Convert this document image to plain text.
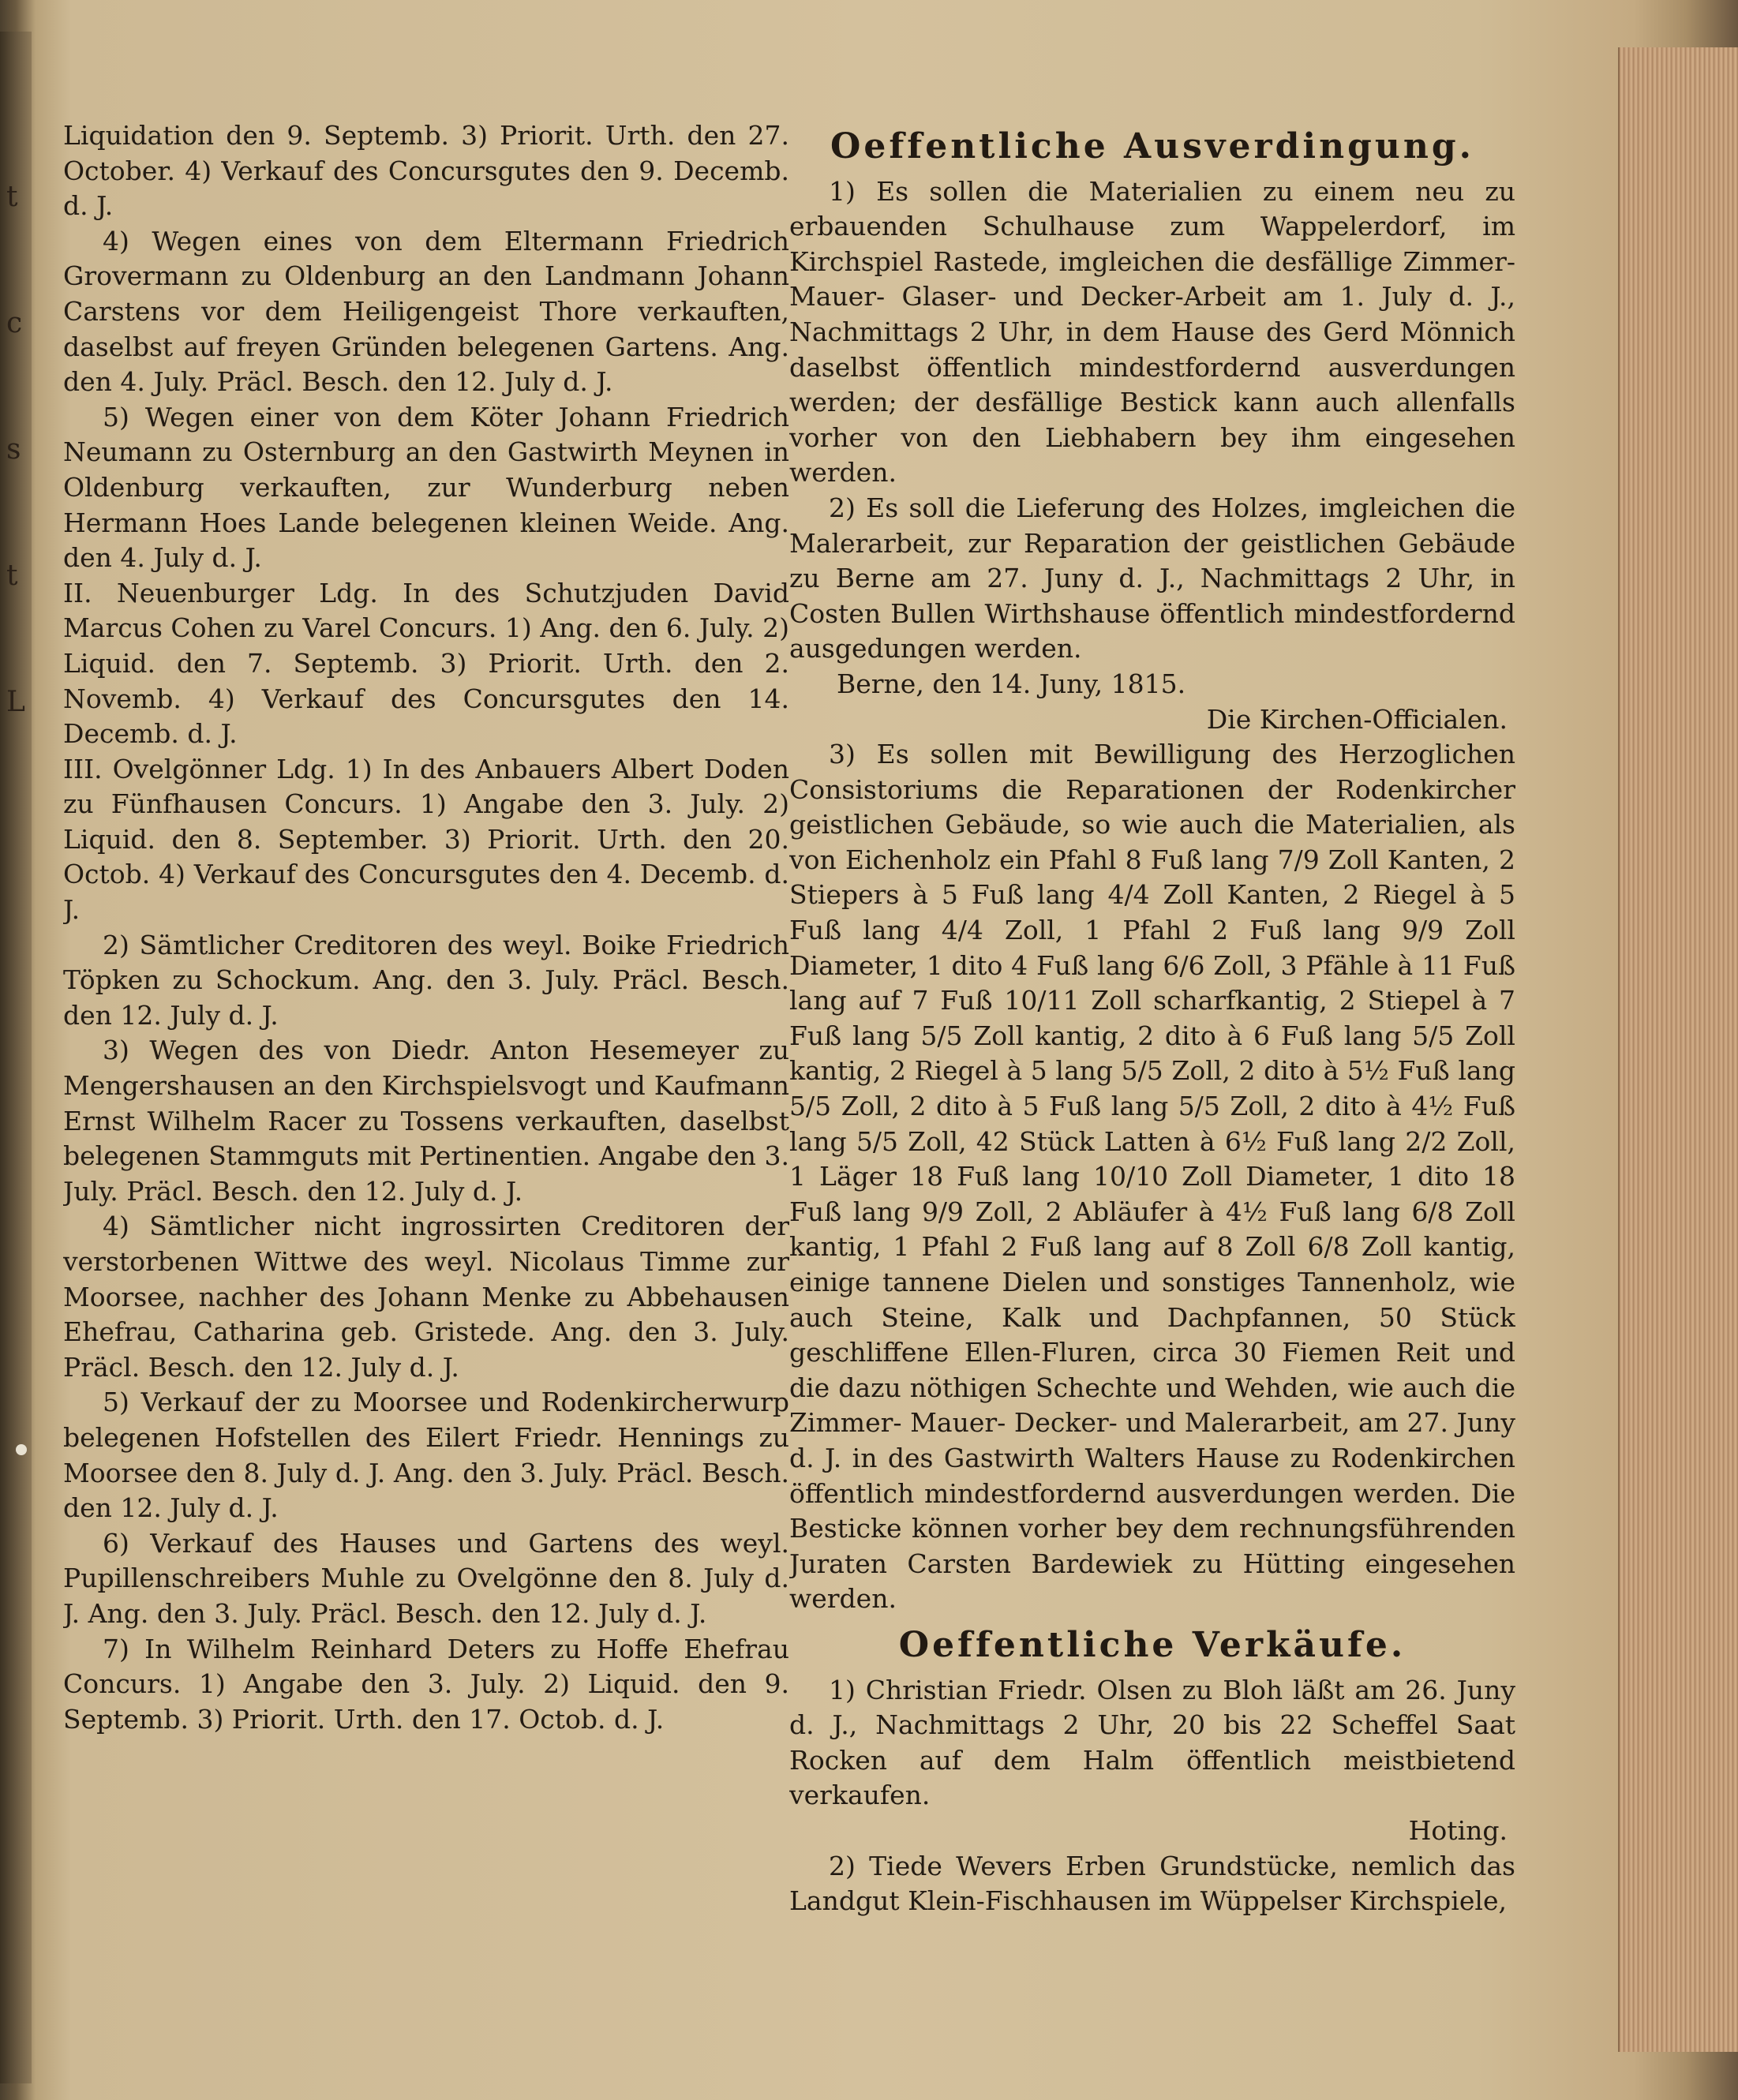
t
c
s
t
L

Liquidation den 9. Septemb. 3) Priorit. Urth. den 27. October. 4) Verkauf des Concursgutes den 9. Decemb. d. J.

4) Wegen eines von dem Eltermann Friedrich Grovermann zu Oldenburg an den Landmann Johann Carstens vor dem Heiligengeist Thore verkauften, daselbst auf freyen Gründen belegenen Gartens. Ang. den 4. July. Präcl. Besch. den 12. July d. J.

5) Wegen einer von dem Köter Johann Friedrich Neumann zu Osternburg an den Gastwirth Meynen in Oldenburg verkauften, zur Wunderburg neben Hermann Hoes Lande belegenen kleinen Weide. Ang. den 4. July d. J.

II. Neuenburger Ldg. In des Schutzjuden David Marcus Cohen zu Varel Concurs. 1) Ang. den 6. July. 2) Liquid. den 7. Septemb. 3) Priorit. Urth. den 2. Novemb. 4) Verkauf des Concursgutes den 14. Decemb. d. J.

III. Ovelgönner Ldg. 1) In des Anbauers Albert Doden zu Fünfhausen Concurs. 1) Angabe den 3. July. 2) Liquid. den 8. September. 3) Priorit. Urth. den 20. Octob. 4) Verkauf des Concursgutes den 4. Decemb. d. J.

2) Sämtlicher Creditoren des weyl. Boike Friedrich Töpken zu Schockum. Ang. den 3. July. Präcl. Besch. den 12. July d. J.

3) Wegen des von Diedr. Anton Hesemeyer zu Mengershausen an den Kirchspielsvogt und Kaufmann Ernst Wilhelm Racer zu Tossens verkauften, daselbst belegenen Stammguts mit Pertinentien. Angabe den 3. July. Präcl. Besch. den 12. July d. J.

4) Sämtlicher nicht ingrossirten Creditoren der verstorbenen Wittwe des weyl. Nicolaus Timme zur Moorsee, nachher des Johann Menke zu Abbehausen Ehefrau, Catharina geb. Gristede. Ang. den 3. July. Präcl. Besch. den 12. July d. J.

5) Verkauf der zu Moorsee und Rodenkircherwurp belegenen Hofstellen des Eilert Friedr. Hennings zu Moorsee den 8. July d. J. Ang. den 3. July. Präcl. Besch. den 12. July d. J.

6) Verkauf des Hauses und Gartens des weyl. Pupillenschreibers Muhle zu Ovelgönne den 8. July d. J. Ang. den 3. July. Präcl. Besch. den 12. July d. J.

7) In Wilhelm Reinhard Deters zu Hoffe Ehefrau Concurs. 1) Angabe den 3. July. 2) Liquid. den 9. Septemb. 3) Priorit. Urth. den 17. Octob. d. J.

Oeffentliche Ausverdingung.

1) Es sollen die Materialien zu einem neu zu erbauenden Schulhause zum Wappelerdorf, im Kirchspiel Rastede, imgleichen die desfällige Zimmer- Mauer- Glaser- und Decker-Arbeit am 1. July d. J., Nachmittags 2 Uhr, in dem Hause des Gerd Mönnich daselbst öffentlich mindestfordernd ausverdungen werden; der desfällige Bestick kann auch allenfalls vorher von den Liebhabern bey ihm eingesehen werden.

2) Es soll die Lieferung des Holzes, imgleichen die Malerarbeit, zur Reparation der geistlichen Gebäude zu Berne am 27. Juny d. J., Nachmittags 2 Uhr, in Costen Bullen Wirthshause öffentlich mindestfordernd ausgedungen werden.

Berne, den 14. Juny, 1815.

Die Kirchen-Officialen.

3) Es sollen mit Bewilligung des Herzoglichen Consistoriums die Reparationen der Rodenkircher geistlichen Gebäude, so wie auch die Materialien, als von Eichenholz ein Pfahl 8 Fuß lang 7/9 Zoll Kanten, 2 Stiepers à 5 Fuß lang 4/4 Zoll Kanten, 2 Riegel à 5 Fuß lang 4/4 Zoll, 1 Pfahl 2 Fuß lang 9/9 Zoll Diameter, 1 dito 4 Fuß lang 6/6 Zoll, 3 Pfähle à 11 Fuß lang auf 7 Fuß 10/11 Zoll scharfkantig, 2 Stiepel à 7 Fuß lang 5/5 Zoll kantig, 2 dito à 6 Fuß lang 5/5 Zoll kantig, 2 Riegel à 5 lang 5/5 Zoll, 2 dito à 5½ Fuß lang 5/5 Zoll, 2 dito à 5 Fuß lang 5/5 Zoll, 2 dito à 4½ Fuß lang 5/5 Zoll, 42 Stück Latten à 6½ Fuß lang 2/2 Zoll, 1 Läger 18 Fuß lang 10/10 Zoll Diameter, 1 dito 18 Fuß lang 9/9 Zoll, 2 Abläufer à 4½ Fuß lang 6/8 Zoll kantig, 1 Pfahl 2 Fuß lang auf 8 Zoll 6/8 Zoll kantig, einige tannene Dielen und sonstiges Tannenholz, wie auch Steine, Kalk und Dachpfannen, 50 Stück geschliffene Ellen-Fluren, circa 30 Fiemen Reit und die dazu nöthigen Schechte und Wehden, wie auch die Zimmer- Mauer- Decker- und Malerarbeit, am 27. Juny d. J. in des Gastwirth Walters Hause zu Rodenkirchen öffentlich mindestfordernd ausverdungen werden. Die Besticke können vorher bey dem rechnungsführenden Juraten Carsten Bardewiek zu Hütting eingesehen werden.

Oeffentliche Verkäufe.

1) Christian Friedr. Olsen zu Bloh läßt am 26. Juny d. J., Nachmittags 2 Uhr, 20 bis 22 Scheffel Saat Rocken auf dem Halm öffentlich meistbietend verkaufen.

Hoting.

2) Tiede Wevers Erben Grundstücke, nemlich das Landgut Klein-Fischhausen im Wüppelser Kirchspiele,
